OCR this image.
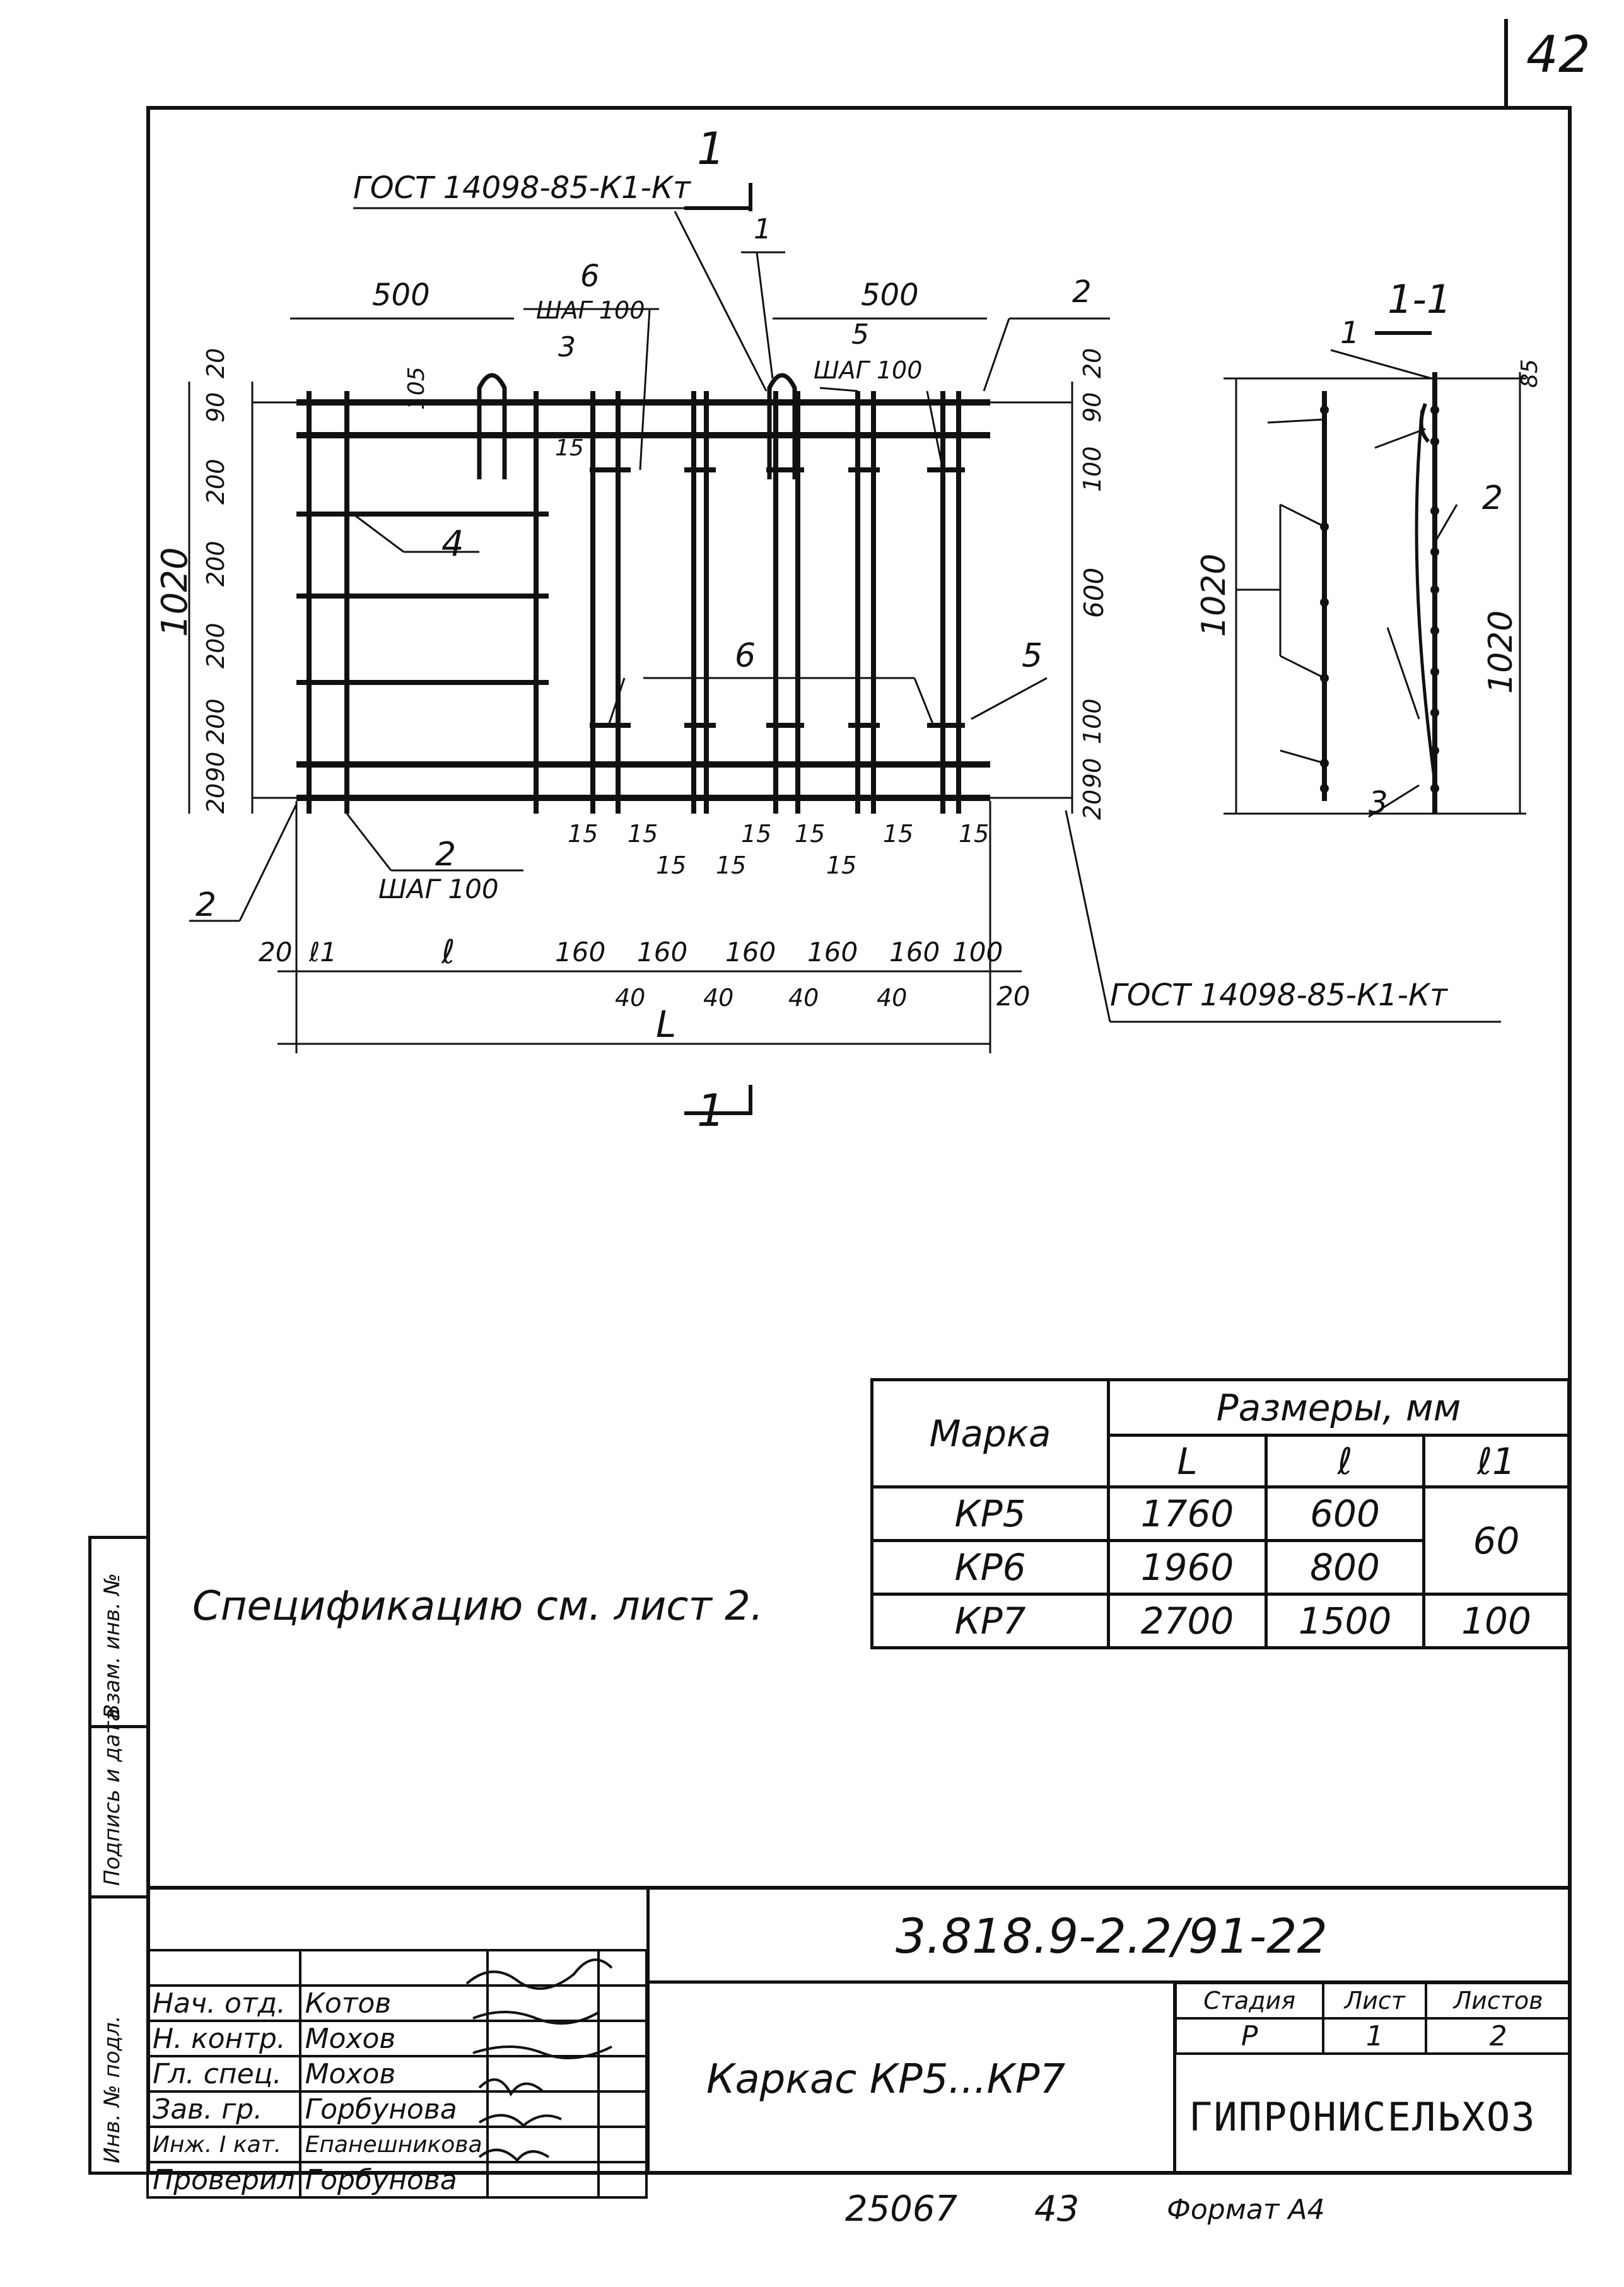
42
Инв. № подл.
Подпись и дата
Взам. инв. №
ГОСТ 14098-85-К1-Кт
ГОСТ 14098-85-К1-Кт
1
1
1-1
500	500
ШАГ 100
ШАГ 100
ШАГ 100
1
2
3
4
5
6
6	5
2
2
2
3
20
90
200
200
200
200
90
20
1020
20
90
100
600
100
90
20
105
15
1020
1020
85
1
15 15
15 15
15 15
15
15 15
20 ℓ1	ℓ	160 160 160 160 160 100
20
40 40 40 40
L
Спецификацию см. лист 2.
Марка	Размеры, мм		
	L	ℓ	ℓ1
КР5	1760	600	60
КР6	1960	800	
КР7	2700	1500	100
3.818.9-2.2/91-22
Каркас КР5...КР7
Стадия	Лист	Листов
Р	1	2
ГИПРОНИСЕЛЬХОЗ

Нач. отд.	Котов		
Н. контр.	Мохов		
Гл. спец.	Мохов		
Зав. гр.	Горбунова		
Инж. I кат.	Епанешникова		
Проверил	Горбунова		
25067 43	Формат А4
